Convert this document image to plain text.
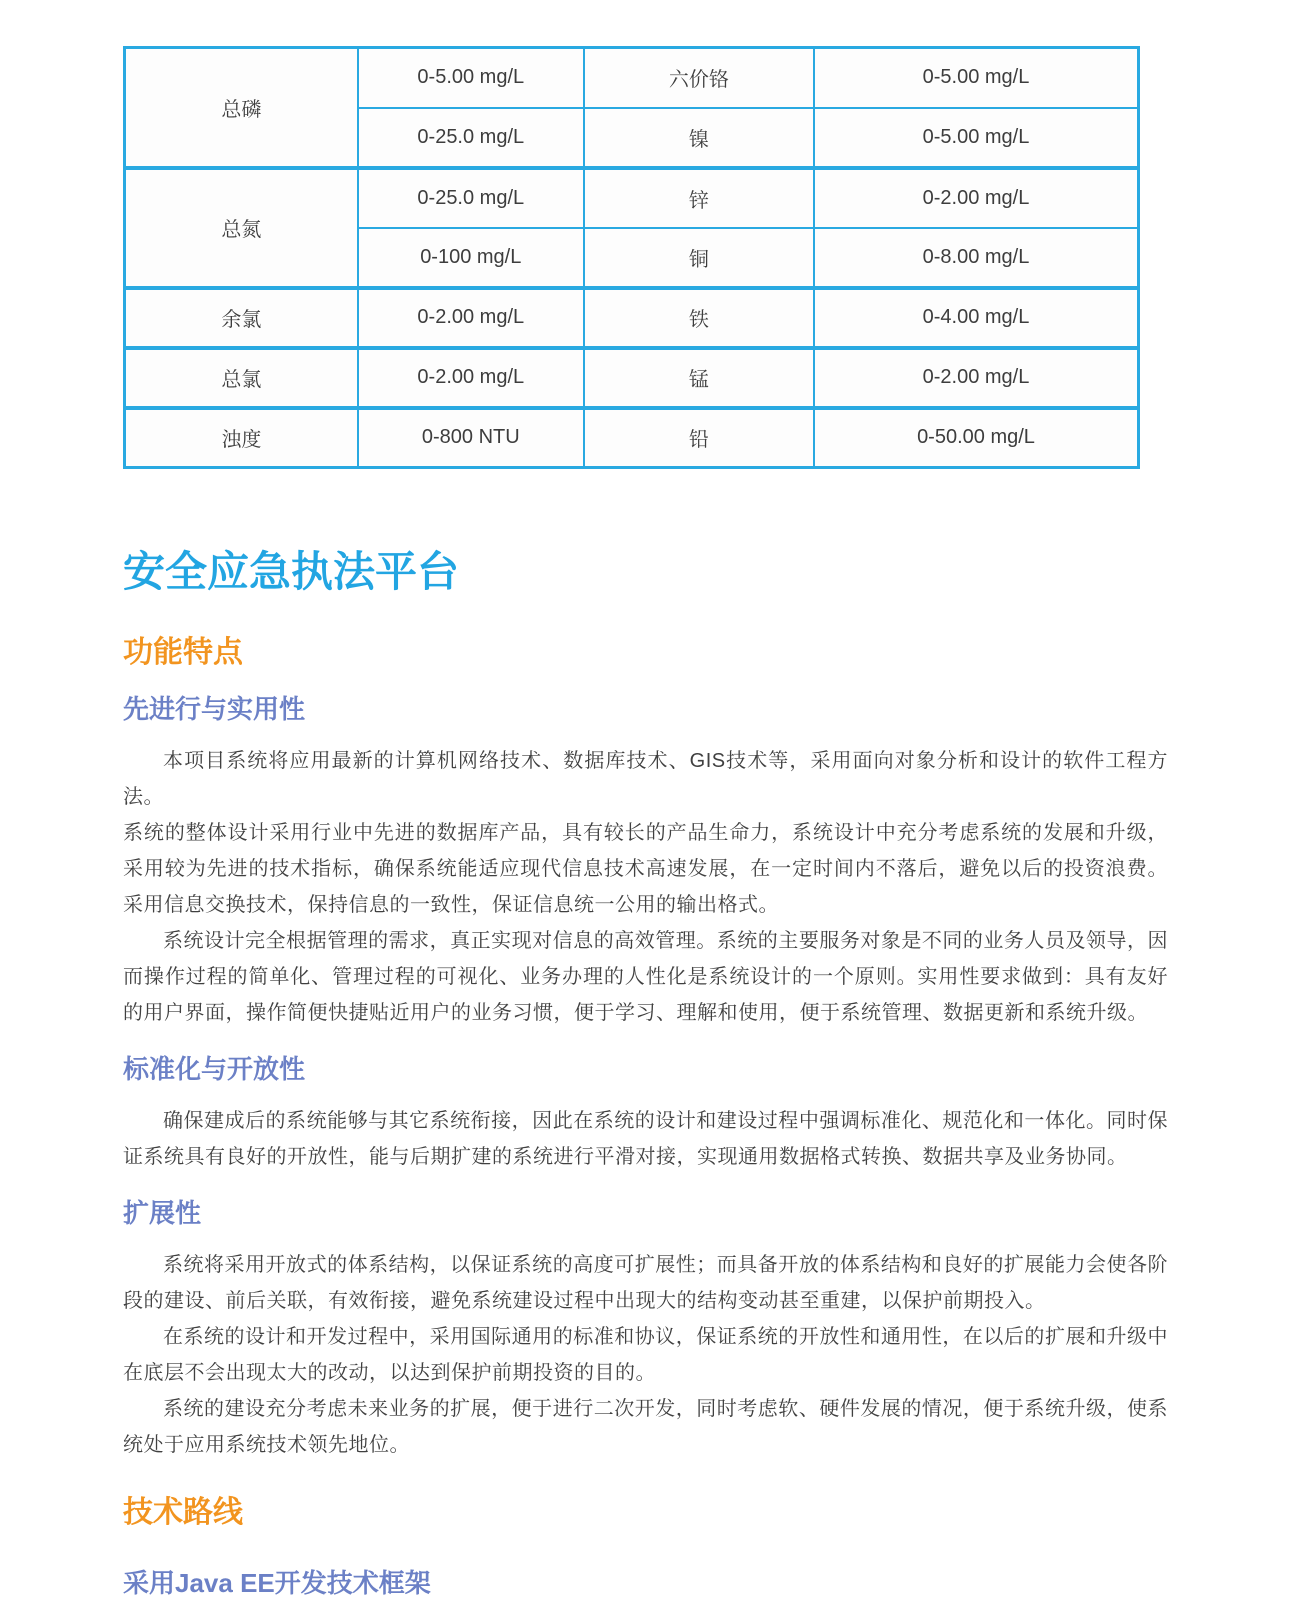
总磷	0-5.00 mg/L	六价铬	0-5.00 mg/L
	0-25.0 mg/L	镍	0-5.00 mg/L
总氮	0-25.0 mg/L	锌	0-2.00 mg/L
	0-100 mg/L	铜	0-8.00 mg/L
余氯	0-2.00 mg/L	铁	0-4.00 mg/L
总氯	0-2.00 mg/L	锰	0-2.00 mg/L
浊度	0-800 NTU	铅	0-50.00 mg/L
安全应急执法平台
功能特点
先进行与实用性

本项目系统将应用最新的计算机网络技术、数据库技术、GIS技术等，采用面向对象分析和设计的软件工程方法。

系统的整体设计采用行业中先进的数据库产品，具有较长的产品生命力，系统设计中充分考虑系统的发展和升级，采用较为先进的技术指标，确保系统能适应现代信息技术高速发展，在一定时间内不落后，避免以后的投资浪费。采用信息交换技术，保持信息的一致性，保证信息统一公用的输出格式。

系统设计完全根据管理的需求，真正实现对信息的高效管理。系统的主要服务对象是不同的业务人员及领导，因而操作过程的简单化、管理过程的可视化、业务办理的人性化是系统设计的一个原则。实用性要求做到：具有友好的用户界面，操作简便快捷贴近用户的业务习惯，便于学习、理解和使用，便于系统管理、数据更新和系统升级。

标准化与开放性

确保建成后的系统能够与其它系统衔接，因此在系统的设计和建设过程中强调标准化、规范化和一体化。同时保证系统具有良好的开放性，能与后期扩建的系统进行平滑对接，实现通用数据格式转换、数据共享及业务协同。

扩展性

系统将采用开放式的体系结构，以保证系统的高度可扩展性；而具备开放的体系结构和良好的扩展能力会使各阶段的建设、前后关联，有效衔接，避免系统建设过程中出现大的结构变动甚至重建，以保护前期投入。

在系统的设计和开发过程中，采用国际通用的标准和协议，保证系统的开放性和通用性，在以后的扩展和升级中在底层不会出现太大的改动，以达到保护前期投资的目的。

系统的建设充分考虑未来业务的扩展，便于进行二次开发，同时考虑软、硬件发展的情况，便于系统升级，使系统处于应用系统技术领先地位。

技术路线
采用Java EE开发技术框架
